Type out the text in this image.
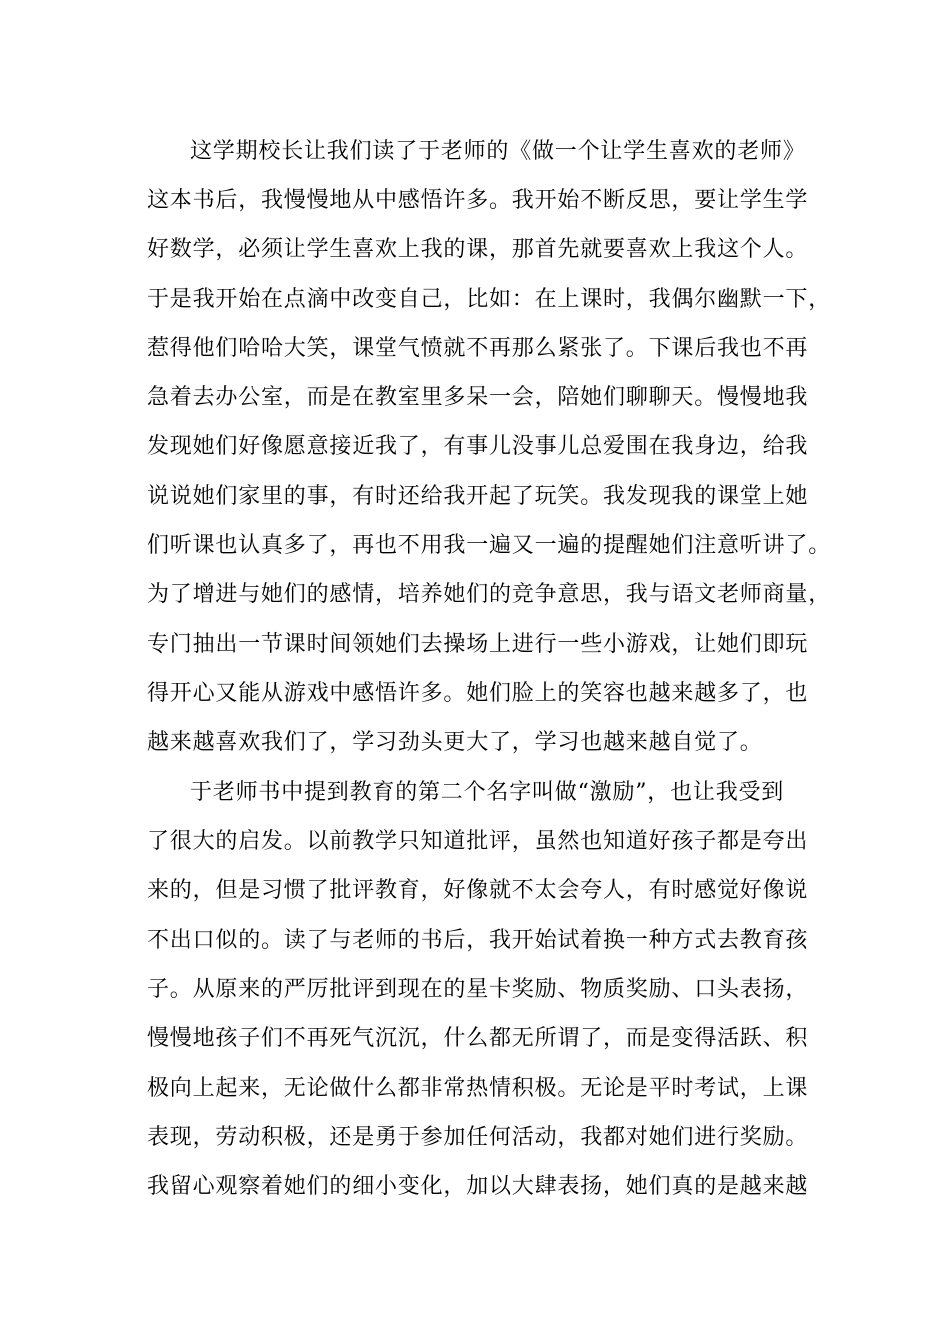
这学期校长让我们读了于老师的《做一个让学生喜欢的老师》
这本书后，我慢慢地从中感悟许多。我开始不断反思，要让学生学
好数学，必须让学生喜欢上我的课，那首先就要喜欢上我这个人。
于是我开始在点滴中改变自己，比如：在上课时，我偶尔幽默一下，
惹得他们哈哈大笑，课堂气愤就不再那么紧张了。下课后我也不再
急着去办公室，而是在教室里多呆一会，陪她们聊聊天。慢慢地我
发现她们好像愿意接近我了，有事儿没事儿总爱围在我身边，给我
说说她们家里的事，有时还给我开起了玩笑。我发现我的课堂上她
们听课也认真多了，再也不用我一遍又一遍的提醒她们注意听讲了。
为了增进与她们的感情，培养她们的竞争意思，我与语文老师商量，
专门抽出一节课时间领她们去操场上进行一些小游戏，让她们即玩
得开心又能从游戏中感悟许多。她们脸上的笑容也越来越多了，也
越来越喜欢我们了，学习劲头更大了，学习也越来越自觉了。
于老师书中提到教育的第二个名字叫做“激励”，也让我受到
了很大的启发。以前教学只知道批评，虽然也知道好孩子都是夸出
来的，但是习惯了批评教育，好像就不太会夸人，有时感觉好像说
不出口似的。读了与老师的书后，我开始试着换一种方式去教育孩
子。从原来的严厉批评到现在的星卡奖励、物质奖励、口头表扬，
慢慢地孩子们不再死气沉沉，什么都无所谓了，而是变得活跃、积
极向上起来，无论做什么都非常热情积极。无论是平时考试，上课
表现，劳动积极，还是勇于参加任何活动，我都对她们进行奖励。
我留心观察着她们的细小变化，加以大肆表扬，她们真的是越来越
